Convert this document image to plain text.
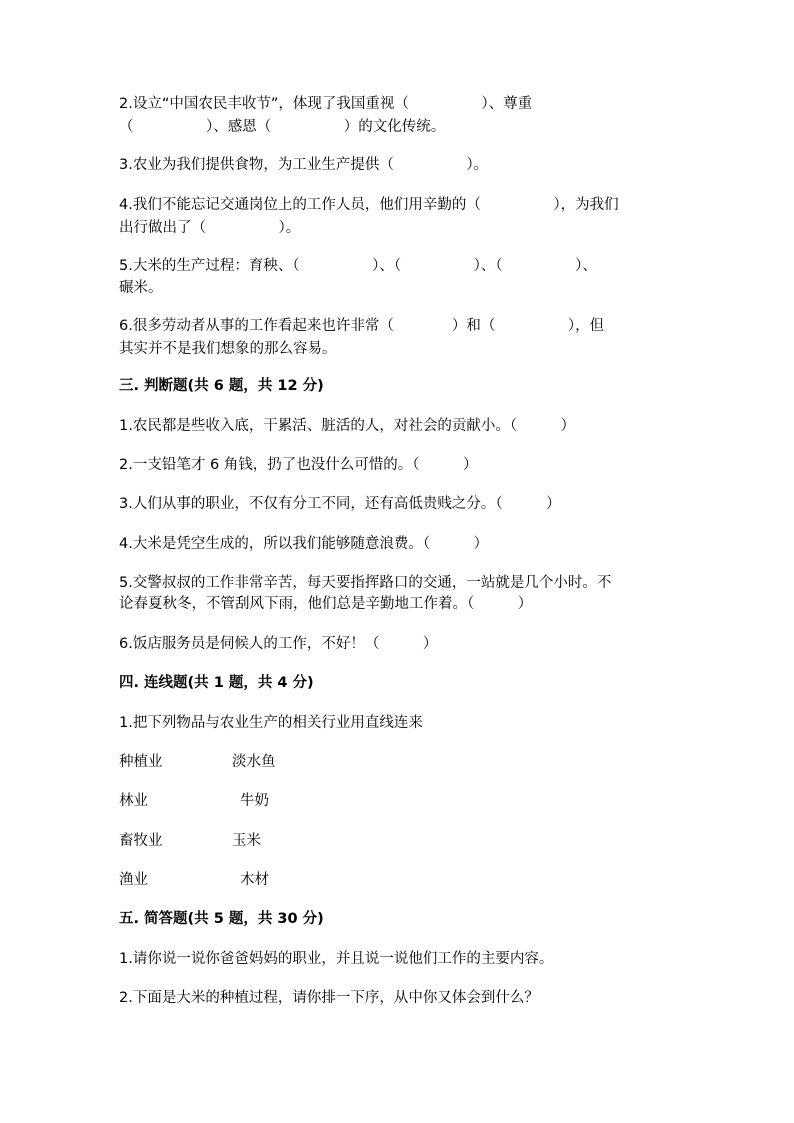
2.设立“中国农民丰收节”，体现了我国重视（　　　　　）、尊重
（　　　　　）、感恩（　　　　　）的文化传统。
3.农业为我们提供食物，为工业生产提供（　　　　　）。
4.我们不能忘记交通岗位上的工作人员，他们用辛勤的（　　　　　），为我们
出行做出了（　　　　　）。
5.大米的生产过程：育秧、（　　　　　）、（　　　　　）、（　　　　　）、
碾米。
6.很多劳动者从事的工作看起来也许非常（　　　　）和（　　　　　），但
其实并不是我们想象的那么容易。
三. 判断题(共 6 题，共 12 分)
1.农民都是些收入底，干累活、脏活的人，对社会的贡献小。（　　　）
2.一支铅笔才 6 角钱，扔了也没什么可惜的。（　　　）
3.人们从事的职业，不仅有分工不同，还有高低贵贱之分。（　　　）
4.大米是凭空生成的，所以我们能够随意浪费。（　　　）
5.交警叔叔的工作非常辛苦，每天要指挥路口的交通，一站就是几个小时。不
论春夏秋冬，不管刮风下雨，他们总是辛勤地工作着。（　　　）
6.饭店服务员是伺候人的工作，不好！（　　　）
四. 连线题(共 1 题，共 4 分)
1.把下列物品与农业生产的相关行业用直线连来
种植业	淡水鱼
林业	牛奶
畜牧业	玉米
渔业	木材
五. 简答题(共 5 题，共 30 分)
1.请你说一说你爸爸妈妈的职业，并且说一说他们工作的主要内容。
2.下面是大米的种植过程，请你排一下序，从中你又体会到什么？
